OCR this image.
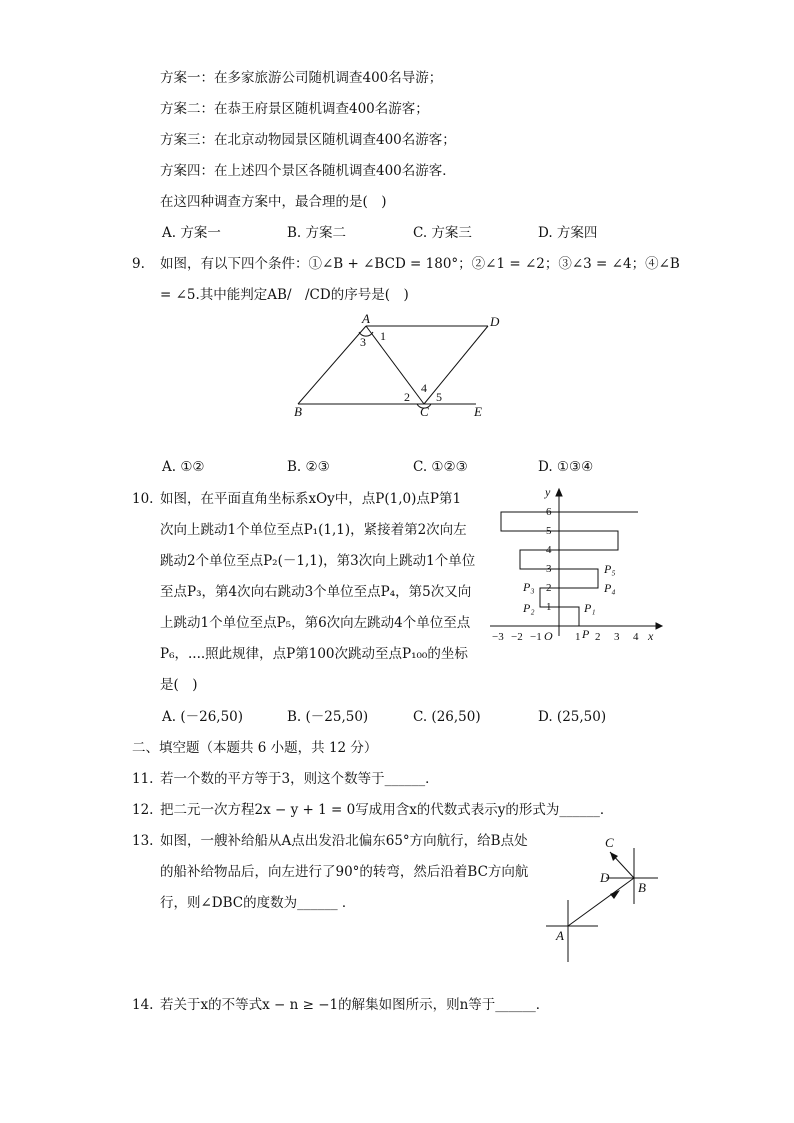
方案一：在多家旅游公司随机调查400名导游；
方案二：在恭王府景区随机调查400名游客；
方案三：在北京动物园景区随机调查400名游客；
方案四：在上述四个景区各随机调查400名游客．
在这四种调查方案中，最合理的是(　)
A. 方案一	B. 方案二	C. 方案三	D. 方案四
9. 如图，有以下四个条件：①∠B + ∠BCD = 180°；②∠1 = ∠2；③∠3 = ∠4；④∠B
= ∠5.其中能判定AB/　/CD的序号是(　)
A	D
B	C	E
1
3
2
4
5
A. ①②	B. ②③	C. ①②③	D. ①③④
10. 如图，在平面直角坐标系xOy中，点P(1,0)点P第1
次向上跳动1个单位至点P₁(1,1)，紧接着第2次向左
跳动2个单位至点P₂(－1,1)，第3次向上跳动1个单位
至点P₃，第4次向右跳动3个单位至点P₄，第5次又向
上跳动1个单位至点P₅，第6次向左跳动4个单位至点
P₆，....照此规律，点P第100次跳动至点P₁₀₀的坐标
是(　)
y
x
O P
P₁
P₂
P₃	P₄
P₅
1
2
3
4
5
6
−3 −2 −1	1 2 3 4
A. (－26,50)	B. (－25,50)	C. (26,50)	D. (25,50)
二、填空题（本题共 6 小题，共 12 分）
11. 若一个数的平方等于3，则这个数等于______．
12. 把二元一次方程2x − y + 1 = 0写成用含x的代数式表示y的形式为______．
13. 如图，一艘补给船从A点出发沿北偏东65°方向航行，给B点处
的船补给物品后，向左进行了90°的转弯，然后沿着BC方向航
行，则∠DBC的度数为______ ．
C
D
B
A
14. 若关于x的不等式x − n ≥ −1的解集如图所示，则n等于______．
